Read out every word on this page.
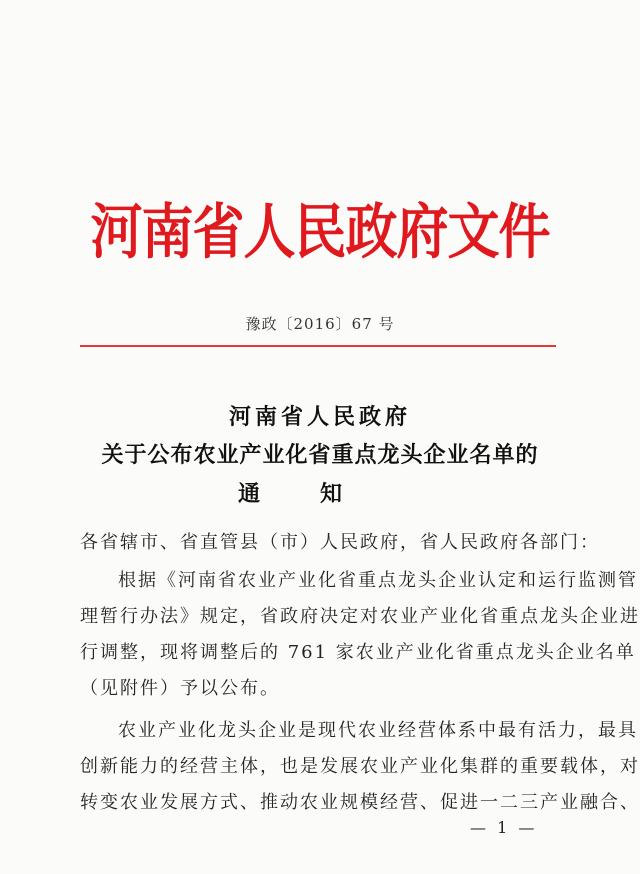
河南省人民政府文件
豫政〔2016〕67 号
河南省人民政府
关于公布农业产业化省重点龙头企业名单的
通知
各省辖市、省直管县（市）人民政府，省人民政府各部门：
根据《河南省农业产业化省重点龙头企业认定和运行监测管
理暂行办法》规定，省政府决定对农业产业化省重点龙头企业进
行调整，现将调整后的 761 家农业产业化省重点龙头企业名单
（见附件）予以公布。
农业产业化龙头企业是现代农业经营体系中最有活力，最具
创新能力的经营主体，也是发展农业产业化集群的重要载体，对
转变农业发展方式、推动农业规模经营、促进一二三产业融合、
— 1 —
